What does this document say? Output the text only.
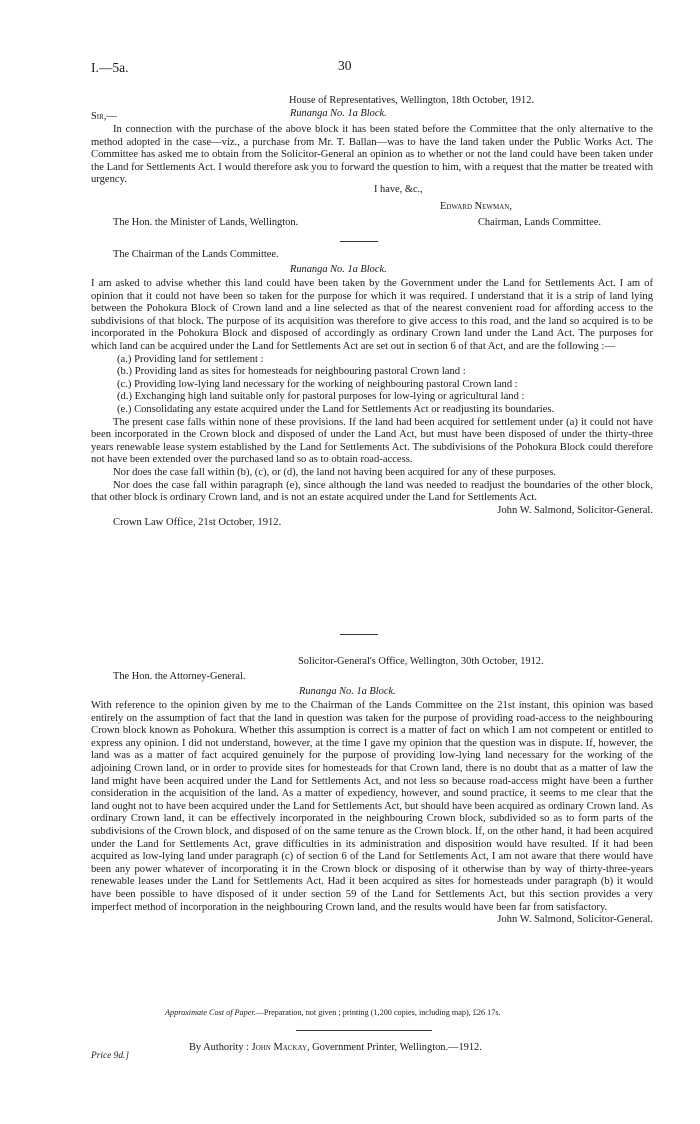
I.—5a.	30
House of Representatives, Wellington, 18th October, 1912.
Sir,—	Runanga No. 1a Block.
In connection with the purchase of the above block it has been stated before the Committee that the only alternative to the method adopted in the case—viz., a purchase from Mr. T. Ballan—was to have the land taken under the Public Works Act. The Committee has asked me to obtain from the Solicitor-General an opinion as to whether or not the land could have been taken under the Land for Settlements Act. I would therefore ask you to forward the question to him, with a request that the matter be treated with urgency.
I have, &c.,
Edward Newman,
The Hon. the Minister of Lands, Wellington.	Chairman, Lands Committee.
The Chairman of the Lands Committee.
Runanga No. 1a Block.

I am asked to advise whether this land could have been taken by the Government under the Land for Settlements Act. I am of opinion that it could not have been so taken for the purpose for which it was required. I understand that it is a strip of land lying between the Pohokura Block of Crown land and a line selected as that of the nearest convenient road for affording access to the subdivisions of that block. The purpose of its acquisition was therefore to give access to this road, and the land so acquired is to be incorporated in the Pohokura Block and disposed of accordingly as ordinary Crown land under the Land Act. The purposes for which land can be acquired under the Land for Settlements Act are set out in section 6 of that Act, and are the following :—

(a.) Providing land for settlement :
(b.) Providing land as sites for homesteads for neighbouring pastoral Crown land :
(c.) Providing low-lying land necessary for the working of neighbouring pastoral Crown land :
(d.) Exchanging high land suitable only for pastoral purposes for low-lying or agricultural land :
(e.) Consolidating any estate acquired under the Land for Settlements Act or readjusting its boundaries.

The present case falls within none of these provisions. If the land had been acquired for settlement under (a) it could not have been incorporated in the Crown block and disposed of under the Land Act, but must have been disposed of under the thirty-three years renewable lease system established by the Land for Settlements Act. The subdivisions of the Pohokura Block could therefore not have been extended over the purchased land so as to obtain road-access.

Nor does the case fall within (b), (c), or (d), the land not having been acquired for any of these purposes.

Nor does the case fall within paragraph (e), since although the land was needed to readjust the boundaries of the other block, that other block is ordinary Crown land, and is not an estate acquired under the Land for Settlements Act.

John W. Salmond, Solicitor-General.

Crown Law Office, 21st October, 1912.

Solicitor-General's Office, Wellington, 30th October, 1912.
The Hon. the Attorney-General.
Runanga No. 1a Block.

With reference to the opinion given by me to the Chairman of the Lands Committee on the 21st instant, this opinion was based entirely on the assumption of fact that the land in question was taken for the purpose of providing road-access to the neighbouring Crown block known as Pohokura. Whether this assumption is correct is a matter of fact on which I am not competent or entitled to express any opinion. I did not understand, however, at the time I gave my opinion that the question was in dispute. If, however, the land was as a matter of fact acquired genuinely for the purpose of providing low-lying land necessary for the working of the adjoining Crown land, or in order to provide sites for homesteads for that Crown land, there is no doubt that as a matter of law the land might have been acquired under the Land for Settlements Act, and not less so because road-access might have been a further consideration in the acquisition of the land. As a matter of expediency, however, and sound practice, it seems to me clear that the land ought not to have been acquired under the Land for Settlements Act, but should have been acquired as ordinary Crown land. As ordinary Crown land, it can be effectively incorporated in the neighbouring Crown block, subdivided so as to form parts of the subdivisions of the Crown block, and disposed of on the same tenure as the Crown block. If, on the other hand, it had been acquired under the Land for Settlements Act, grave difficulties in its administration and disposition would have resulted. If it had been acquired as low-lying land under paragraph (c) of section 6 of the Land for Settlements Act, I am not aware that there would have been any power whatever of incorporating it in the Crown block or disposing of it otherwise than by way of thirty-three-years renewable leases under the Land for Settlements Act. Had it been acquired as sites for homesteads under paragraph (b) it would have been possible to have disposed of it under section 59 of the Land for Settlements Act, but this section provides a very imperfect method of incorporation in the neighbouring Crown land, and the results would have been far from satisfactory.

John W. Salmond, Solicitor-General.

Approximate Cost of Paper.—Preparation, not given ; printing (1,200 copies, including map), £26 17s.
By Authority : John Mackay, Government Printer, Wellington.—1912.
Price 9d.]
